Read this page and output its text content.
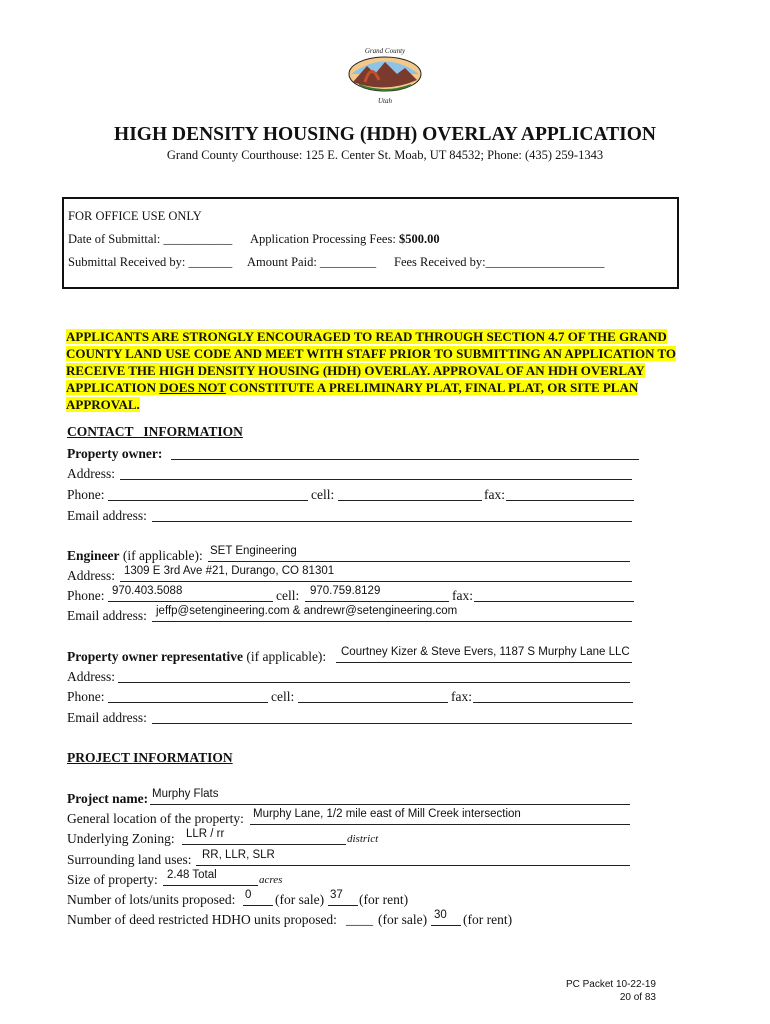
Grand County
Utah
HIGH DENSITY HOUSING (HDH) OVERLAY APPLICATION
Grand County Courthouse: 125 E. Center St. Moab, UT 84532; Phone: (435) 259-1343
FOR OFFICE USE ONLY
Date of Submittal: ___________ Application Processing Fees: $500.00
Submittal Received by: _______ Amount Paid: _________ Fees Received by:___________________
APPLICANTS ARE STRONGLY ENCOURAGED TO READ THROUGH SECTION 4.7 OF THE GRAND COUNTY LAND USE CODE AND MEET WITH STAFF PRIOR TO SUBMITTING AN APPLICATION TO RECEIVE THE HIGH DENSITY HOUSING (HDH) OVERLAY. APPROVAL OF AN HDH OVERLAY APPLICATION DOES NOT CONSTITUTE A PRELIMINARY PLAT, FINAL PLAT, OR SITE PLAN APPROVAL.
CONTACT   INFORMATION
Property owner:
Address:
Phone:	cell:	fax:
Email address:
Engineer (if applicable): SET Engineering
Address: 1309 E 3rd Ave #21, Durango, CO 81301
Phone: 970.403.5088	cell: 970.759.8129	fax:
Email address: jeffp@setengineering.com & andrewr@setengineering.com
Property owner representative (if applicable): Courtney Kizer & Steve Evers, 1187 S Murphy Lane LLC
Address:
Phone:	cell:	fax:
Email address:
PROJECT INFORMATION
Project name: Murphy Flats
General location of the property: Murphy Lane, 1/2 mile east of Mill Creek intersection
Underlying Zoning: LLR / rr	district
Surrounding land uses: RR, LLR, SLR
Size of property: 2.48 Total	acres
Number of lots/units proposed: 0 (for sale) 37 (for rent)
Number of deed restricted HDHO units proposed: ____ (for sale) 30 (for rent)
PC Packet 10-22-19
20 of 83
